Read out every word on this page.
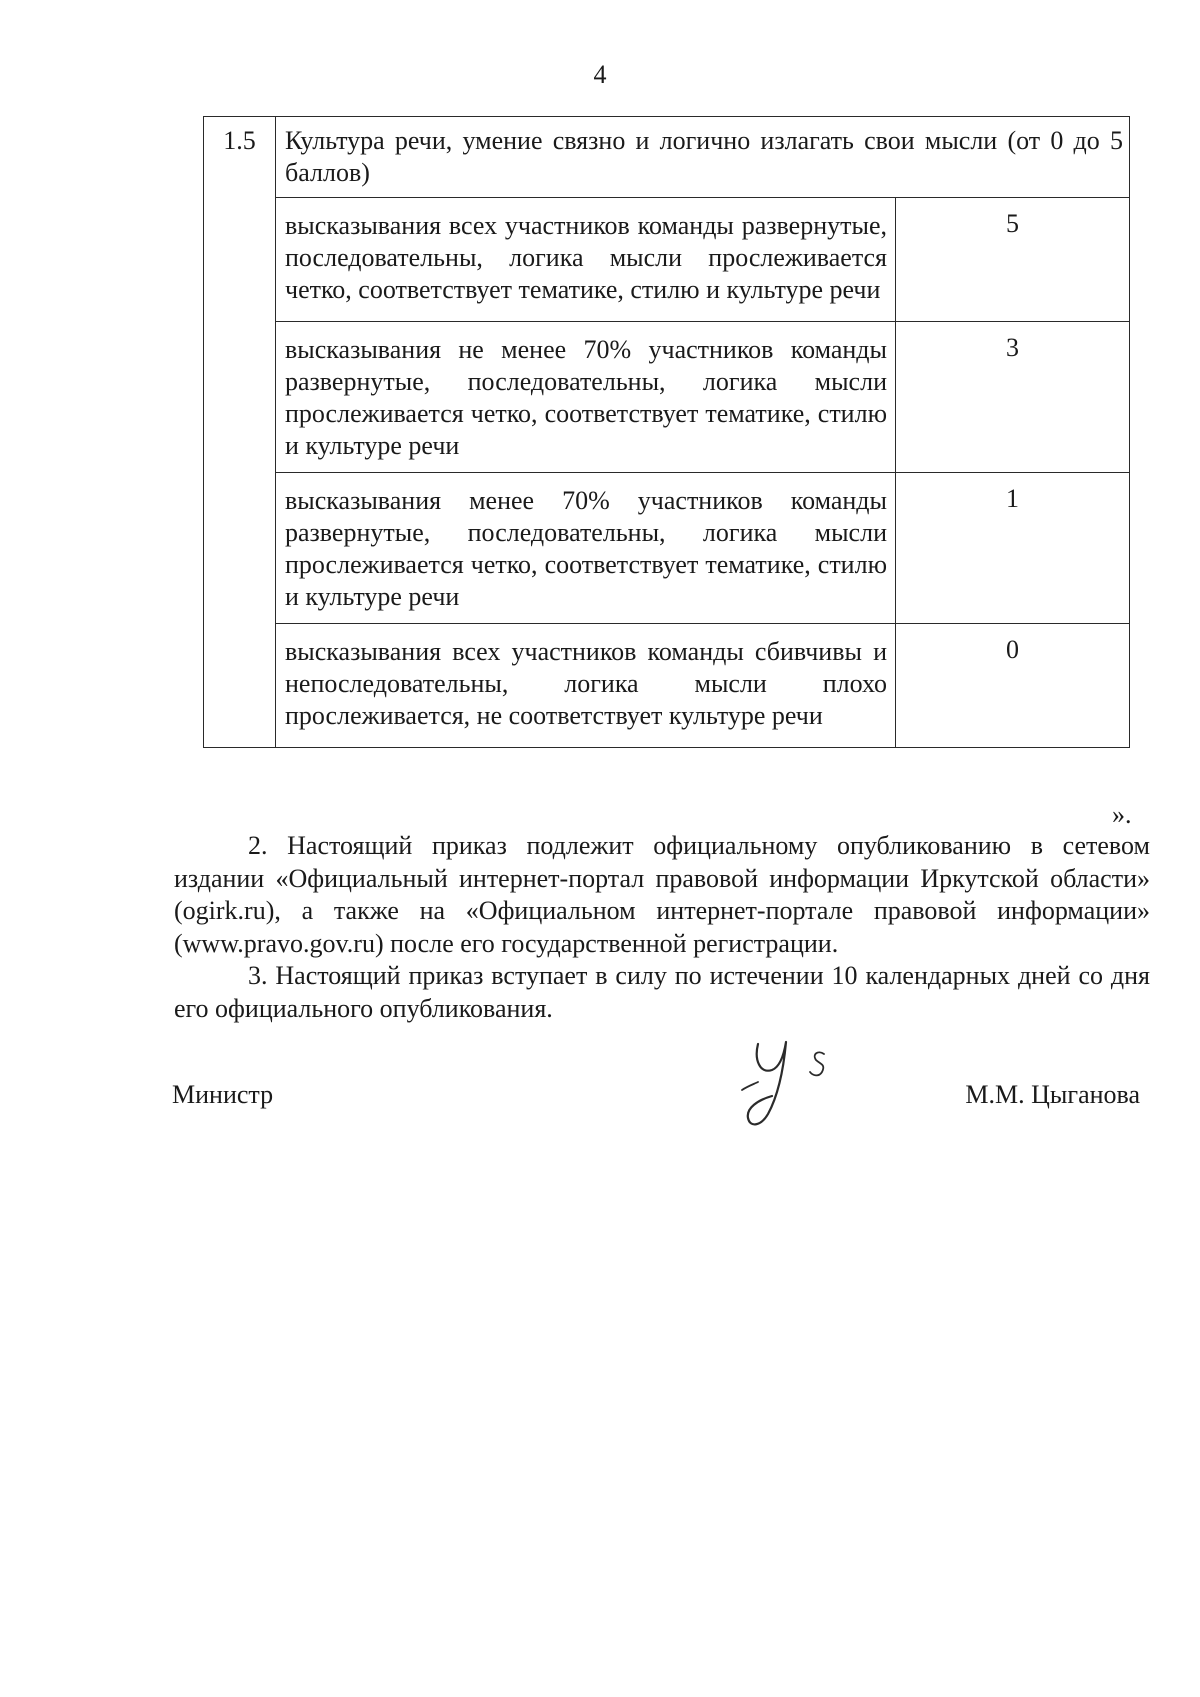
4
1.5	Культура речи, умение связно и логично излагать свои мысли (от 0 до 5 баллов)	
	высказывания всех участников команды развернутые, последовательны, логика мысли прослеживается четко, соответствует тематике, стилю и культуре речи	5
	высказывания не менее 70% участников команды развернутые, последовательны, логика мысли прослеживается четко, соответствует тематике, стилю и культуре речи	3
	высказывания менее 70% участников команды развернутые, последовательны, логика мысли прослеживается четко, соответствует тематике, стилю и культуре речи	1
	высказывания всех участников команды сбивчивы и непоследовательны, логика мысли плохо прослеживается, не соответствует культуре речи	0
».

2. Настоящий приказ подлежит официальному опубликованию в сетевом издании «Официальный интернет-портал правовой информации Иркутской области» (ogirk.ru), а также на «Официальном интернет-портале правовой информации» (www.pravo.gov.ru) после его государственной регистрации.

3. Настоящий приказ вступает в силу по истечении 10 календарных дней со дня его официального опубликования.

Министр	М.М. Цыганова
